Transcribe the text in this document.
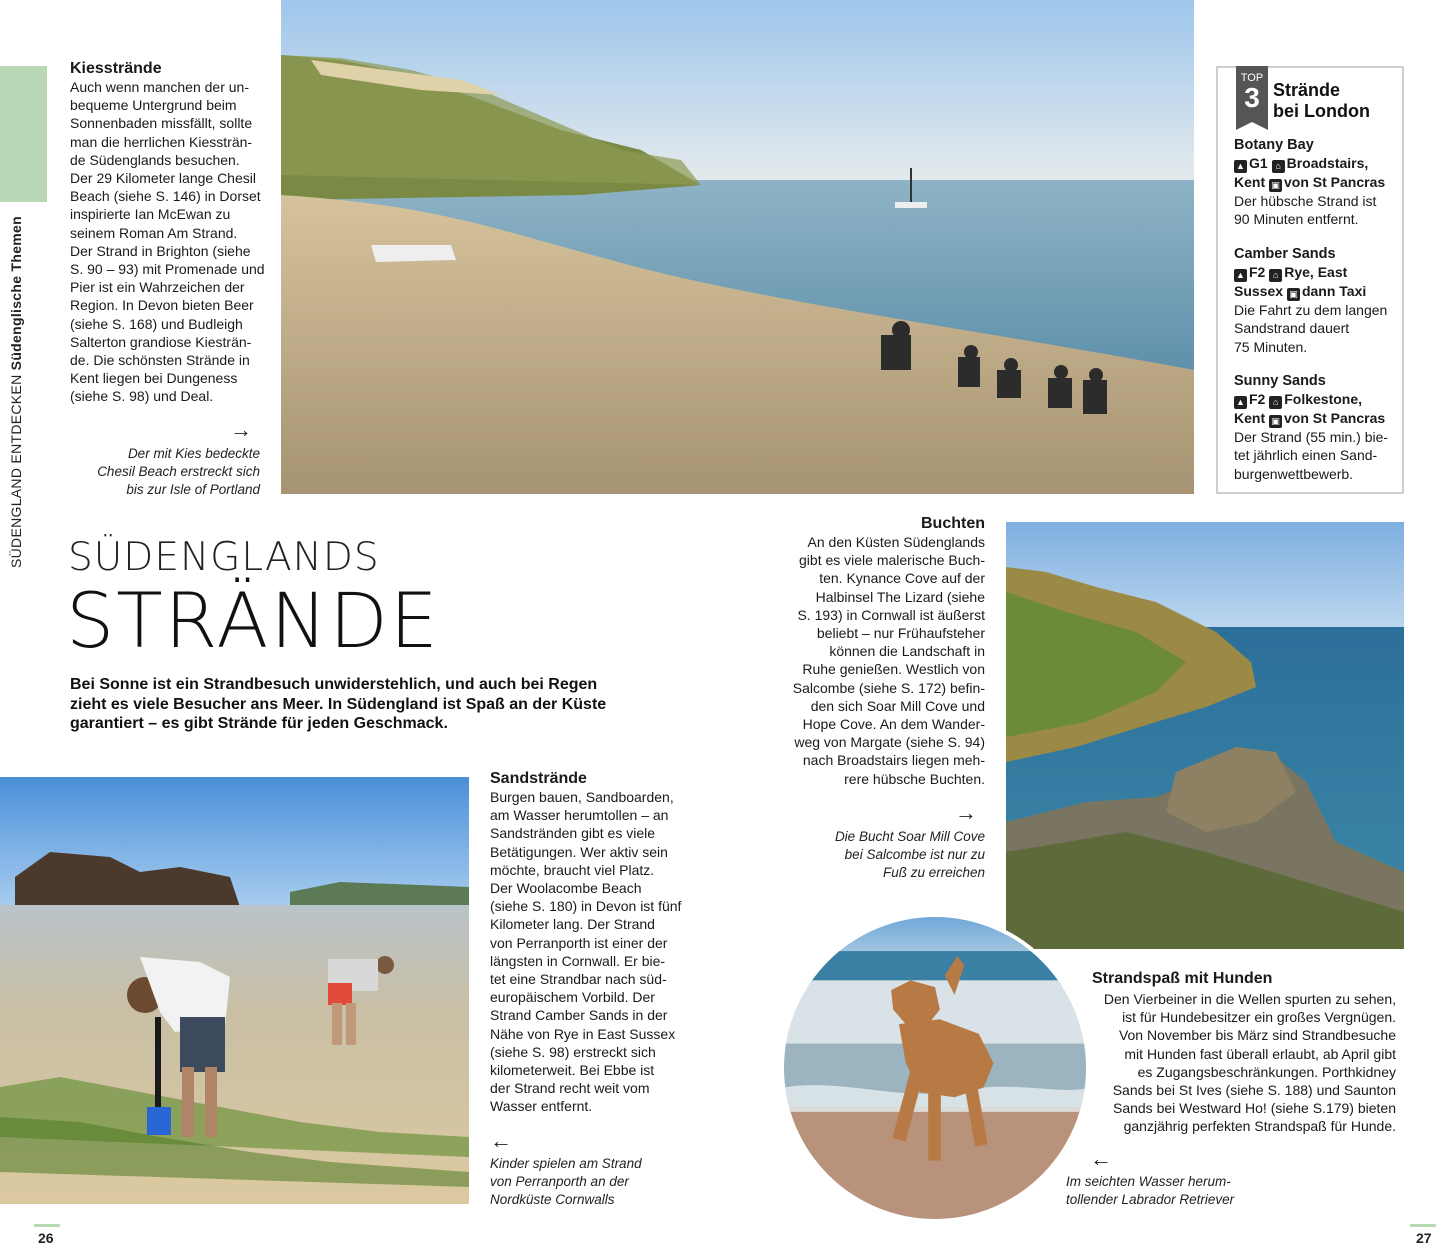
SÜDENGLAND ENTDECKEN Südenglische Themen
Kiesstrände
Auch wenn manchen der un-
bequeme Untergrund beim
Sonnenbaden missfällt, sollte
man die herrlichen Kiessträn-
de Südenglands besuchen.
Der 29 Kilometer lange Chesil
Beach (siehe S. 146) in Dorset
inspirierte Ian McEwan zu
seinem Roman Am Strand.
Der Strand in Brighton (siehe
S. 90 – 93) mit Promenade und
Pier ist ein Wahrzeichen der
Region. In Devon bieten Beer
(siehe S. 168) und Budleigh
Salterton grandiose Kiesträn-
de. Die schönsten Strände in
Kent liegen bei Dungeness
(siehe S. 98) und Deal.
→
Der mit Kies bedeckte
Chesil Beach erstreckt sich
bis zur Isle of Portland
TOP
3 Strände
bei London
Botany Bay
▲ G1 ⌂ Broadstairs,
Kent ▣ von St Pancras
Der hübsche Strand ist
90 Minuten entfernt.
Camber Sands
▲ F2 ⌂ Rye, East
Sussex ▣ dann Taxi
Die Fahrt zu dem langen
Sandstrand dauert
75 Minuten.
Sunny Sands
▲ F2 ⌂ Folkestone,
Kent ▣ von St Pancras
Der Strand (55 min.) bie-
tet jährlich einen Sand-
burgenwettbewerb.
SÜDENGLANDS
STRÄNDE
Bei Sonne ist ein Strandbesuch unwiderstehlich, und auch bei Regen
zieht es viele Besucher ans Meer. In Südengland ist Spaß an der Küste
garantiert – es gibt Strände für jeden Geschmack.
Buchten
An den Küsten Südenglands
gibt es viele malerische Buch-
ten. Kynance Cove auf der
Halbinsel The Lizard (siehe
S. 193) in Cornwall ist äußerst
beliebt – nur Frühaufsteher
können die Landschaft in
Ruhe genießen. Westlich von
Salcombe (siehe S. 172) befin-
den sich Soar Mill Cove und
Hope Cove. An dem Wander-
weg von Margate (siehe S. 94)
nach Broadstairs liegen meh-
rere hübsche Buchten.
→
Die Bucht Soar Mill Cove
bei Salcombe ist nur zu
Fuß zu erreichen
Sandstrände
Burgen bauen, Sandboarden,
am Wasser herumtollen – an
Sandstränden gibt es viele
Betätigungen. Wer aktiv sein
möchte, braucht viel Platz.
Der Woolacombe Beach
(siehe S. 180) in Devon ist fünf
Kilometer lang. Der Strand
von Perranporth ist einer der
längsten in Cornwall. Er bie-
tet eine Strandbar nach süd-
europäischem Vorbild. Der
Strand Camber Sands in der
Nähe von Rye in East Sussex
(siehe S. 98) erstreckt sich
kilometerweit. Bei Ebbe ist
der Strand recht weit vom
Wasser entfernt.
←
Kinder spielen am Strand
von Perranporth an der
Nordküste Cornwalls
Strandspaß mit Hunden
Den Vierbeiner in die Wellen spurten zu sehen,
ist für Hundebesitzer ein großes Vergnügen.
Von November bis März sind Strandbesuche
mit Hunden fast überall erlaubt, ab April gibt
es Zugangsbeschränkungen. Porthkidney
Sands bei St Ives (siehe S. 188) und Saunton
Sands bei Westward Ho! (siehe S.179) bieten
ganzjährig perfekten Strandspaß für Hunde.
←
Im seichten Wasser herum-
tollender Labrador Retriever
26	27
